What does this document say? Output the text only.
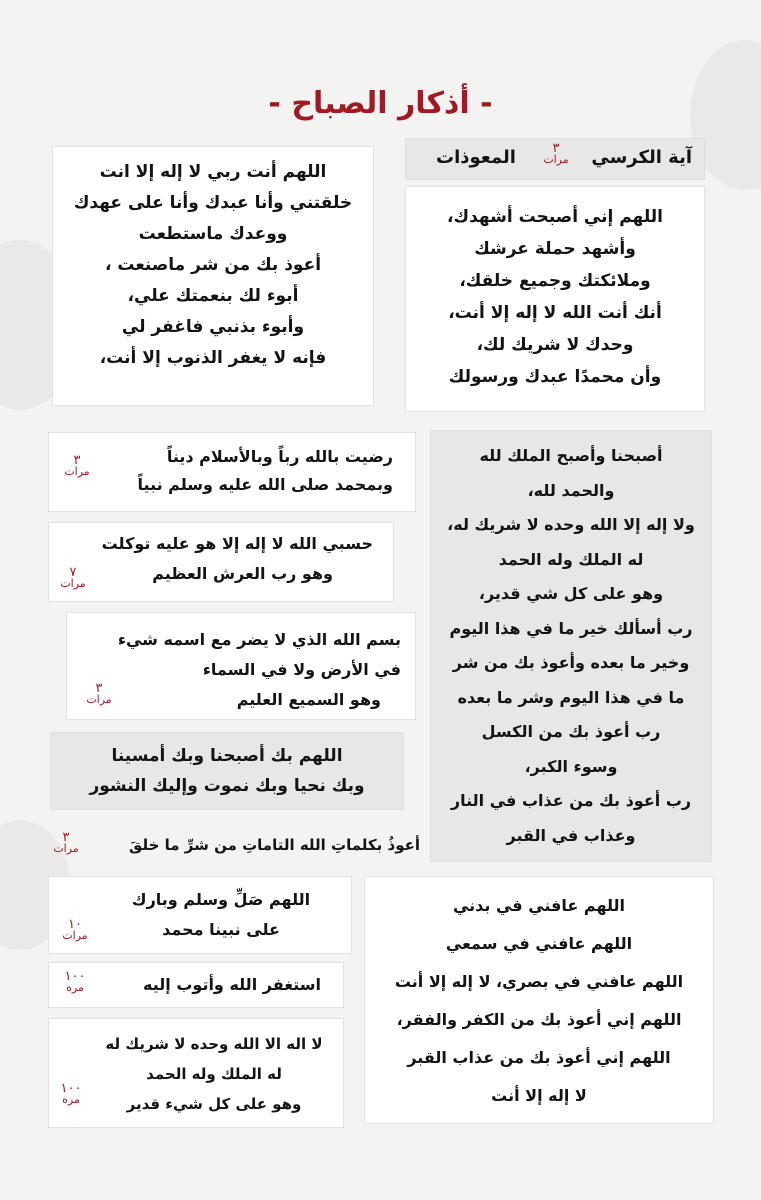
- أذكار الصباح -
آية الكرسي
المعوذات	٣
مرات
اللهم أنت ربي لا إله إلا انت
خلقتني وأنا عبدك وأنا على عهدك
ووعدك ماستطعت
أعوذ بك من شر ماصنعت ،
أبوء لك بنعمتك علي،
وأبوء بذنبي فاغفر لي
فإنه لا يغفر الذنوب إلا أنت،
اللهم إني أصبحت أشهدك،
وأشهد حملة عرشك
وملائكتك وجميع خلقك،
أنك أنت الله لا إله إلا أنت،
وحدك لا شريك لك،
وأن محمدًا عبدك ورسولك
رضيت بالله رباً وبالأسلام ديناً
وبمحمد صلى الله عليه وسلم نبياً
٣
مرات
أصبحنا وأصبح الملك لله
والحمد لله،
ولا إله إلا الله وحده لا شريك له،
له الملك وله الحمد
وهو على كل شي قدير،
رب أسألك خير ما في هذا اليوم
وخير ما بعده وأعوذ بك من شر
ما في هذا اليوم وشر ما بعده
رب أعوذ بك من الكسل
وسوء الكبر،
رب أعوذ بك من عذاب في النار
وعذاب في القبر
حسبي الله لا إله إلا هو عليه توكلت
وهو رب العرش العظيم
٧
مرات
بسم الله الذي لا يضر مع اسمه شيء
في الأرض ولا في السماء
وهو السميع العليم
٣
مرات
اللهم بك أصبحنا وبك أمسينا
وبك نحيا وبك نموت وإليك النشور
أعوذُ بكلماتِ الله التاماتِ من شرِّ ما خلقَ
٣
مرات
اللهم عافني في بدني
اللهم عافني في سمعي
اللهم عافني في بصري، لا إله إلا أنت
اللهم إني أعوذ بك من الكفر والفقر،
اللهم إني أعوذ بك من عذاب القبر
لا إله إلا أنت
اللهم صَلِّ وسلم وبارك
على نبينا محمد
١٠
مرات
استغفر الله وأتوب إليه
١٠٠
مره
لا اله الا الله وحده لا شريك له
له الملك وله الحمد
وهو على كل شيء قدير
١٠٠
مره
